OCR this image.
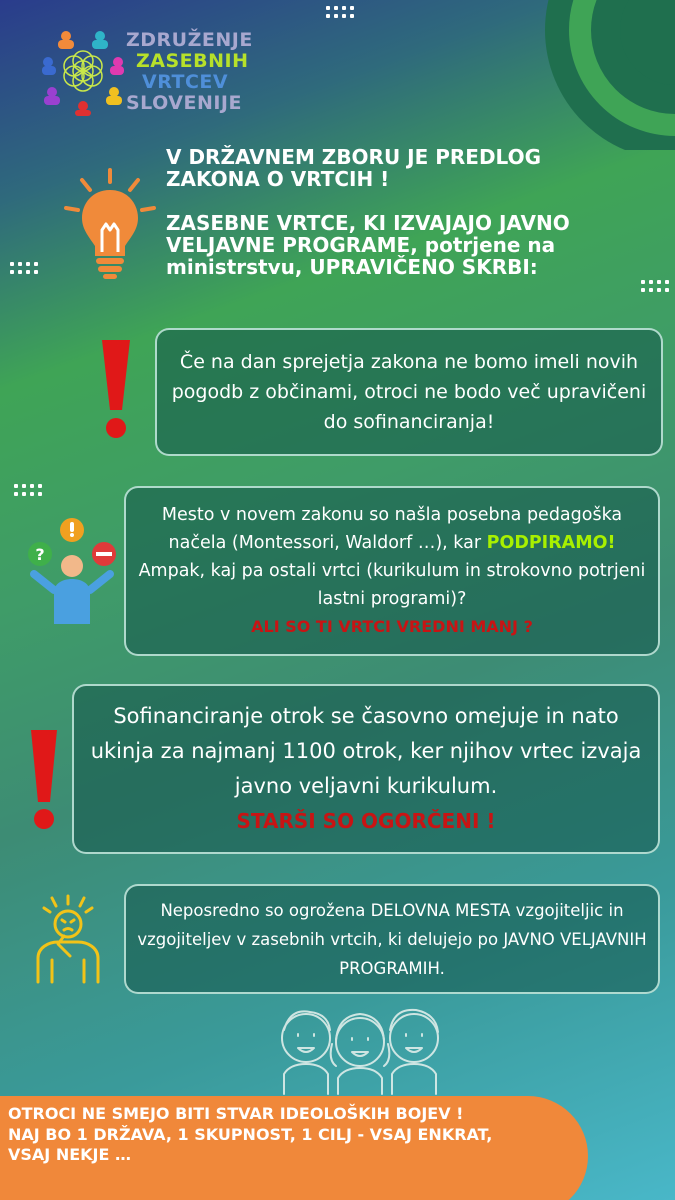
ZDRUŽENJE
ZASEBNIH
VRTCEV
SLOVENIJE

V DRŽAVNEM ZBORU JE PREDLOG
ZAKONA O VRTCIH !

ZASEBNE VRTCE, KI IZVAJAJO JAVNO VELJAVNE PROGRAME, potrjene na ministrstvu, UPRAVIČENO SKRBI:

Če na dan sprejetja zakona ne bomo imeli novih pogodb z občinami, otroci ne bodo več upravičeni do sofinanciranja!

?

Mesto v novem zakonu so našla posebna pedagoška načela (Montessori, Waldorf …), kar PODPIRAMO! Ampak, kaj pa ostali vrtci (kurikulum in strokovno potrjeni lastni programi)?

ALI SO TI VRTCI VREDNI MANJ ?

Sofinanciranje otrok se časovno omejuje in nato ukinja za najmanj 1100 otrok, ker njihov vrtec izvaja javno veljavni kurikulum.

STARŠI SO OGORČENI !

Neposredno so ogrožena DELOVNA MESTA vzgojiteljic in vzgojiteljev v zasebnih vrtcih, ki delujejo po JAVNO VELJAVNIH PROGRAMIH.

OTROCI NE SMEJO BITI STVAR IDEOLOŠKIH BOJEV !
NAJ BO 1 DRŽAVA, 1 SKUPNOST, 1 CILJ - VSAJ ENKRAT,
VSAJ NEKJE …
